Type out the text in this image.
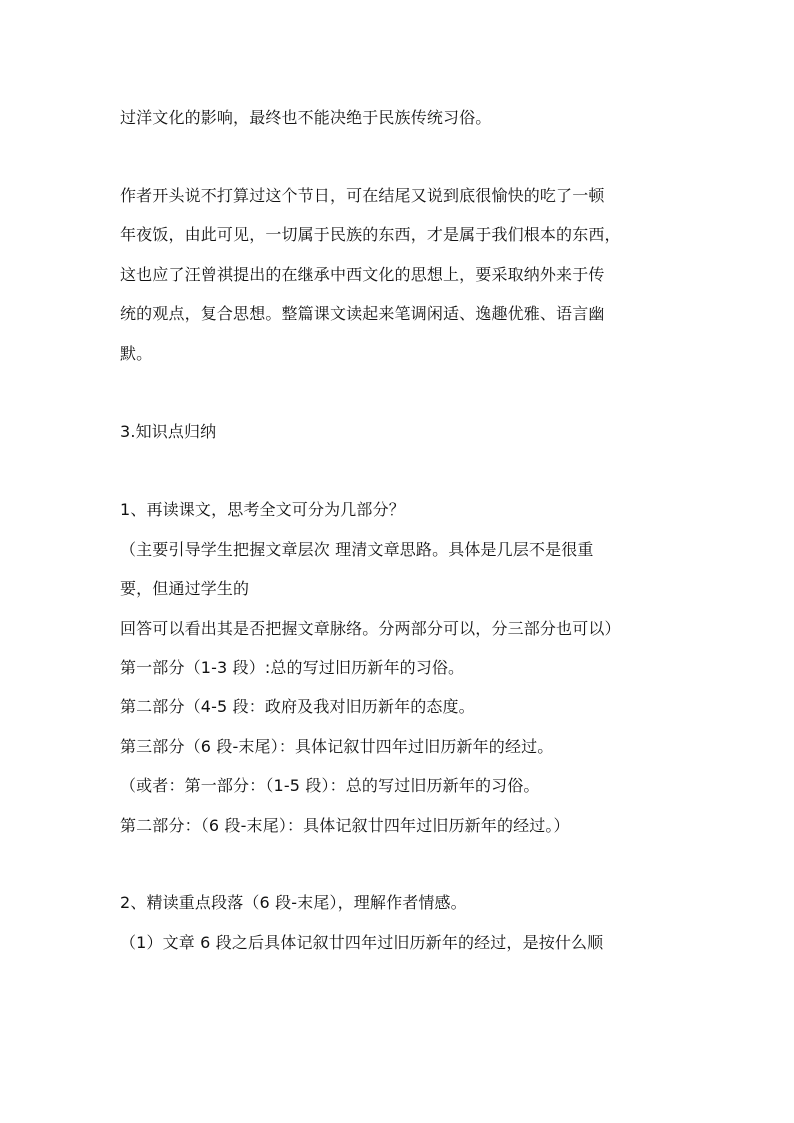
过洋文化的影响，最终也不能决绝于民族传统习俗。
作者开头说不打算过这个节日，可在结尾又说到底很愉快的吃了一顿
年夜饭，由此可见，一切属于民族的东西，才是属于我们根本的东西，
这也应了汪曾祺提出的在继承中西文化的思想上，要采取纳外来于传
统的观点，复合思想。整篇课文读起来笔调闲适、逸趣优雅、语言幽
默。
3.知识点归纳
1、再读课文，思考全文可分为几部分？
（主要引导学生把握文章层次 理清文章思路。具体是几层不是很重
要，但通过学生的
回答可以看出其是否把握文章脉络。分两部分可以，分三部分也可以）
第一部分（1-3 段）:总的写过旧历新年的习俗。
第二部分（4-5 段：政府及我对旧历新年的态度。
第三部分（6 段-末尾）：具体记叙廿四年过旧历新年的经过。
（或者：第一部分：（1-5 段）：总的写过旧历新年的习俗。
第二部分：（6 段-末尾）：具体记叙廿四年过旧历新年的经过。）
2、精读重点段落（6 段-末尾），理解作者情感。
（1）文章 6 段之后具体记叙廿四年过旧历新年的经过，是按什么顺
